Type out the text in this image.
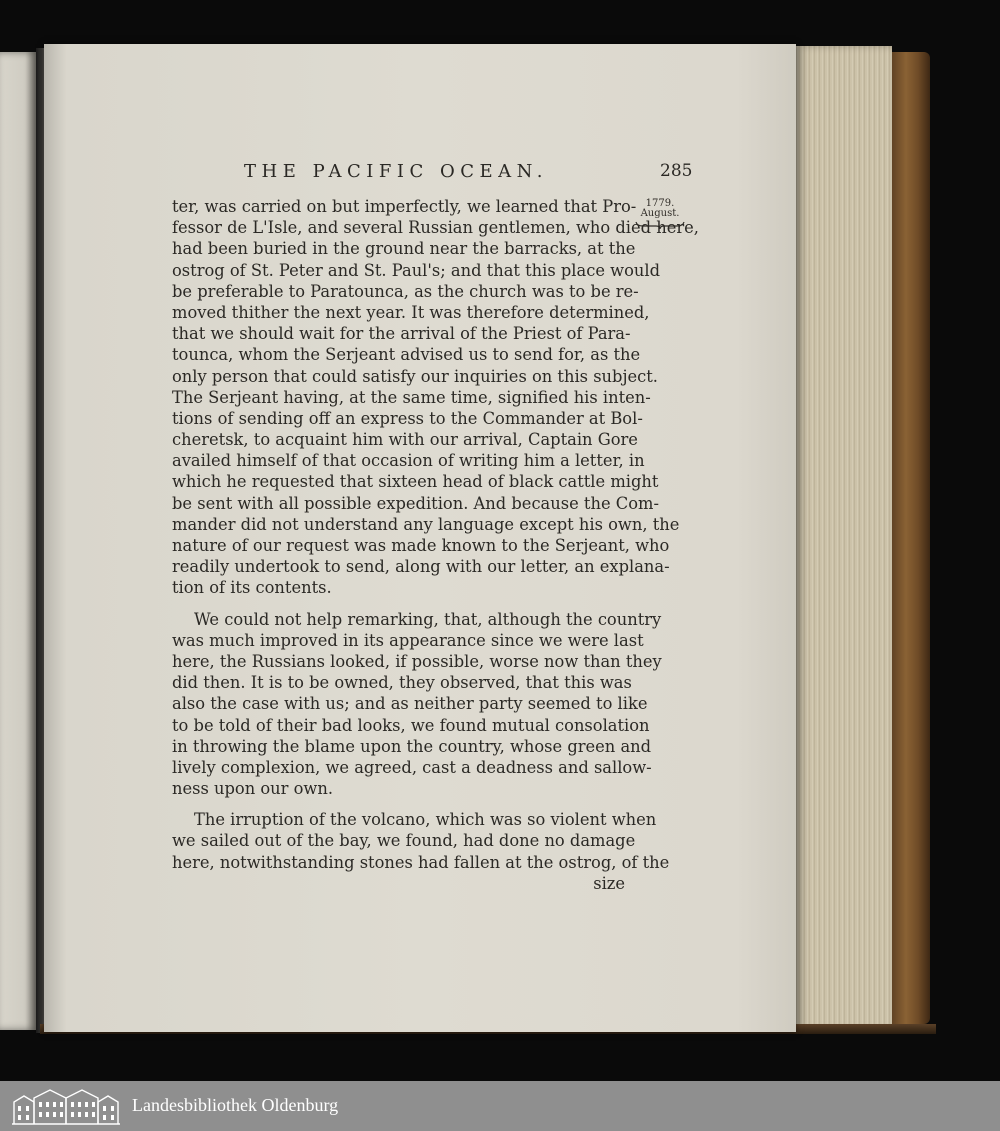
THE PACIFIC OCEAN.	285
1779.
August.
ter, was carried on but imperfectly, we learned that Pro-
fessor de L'Isle, and several Russian gentlemen, who died here,
had been buried in the ground near the barracks, at the
ostrog of St. Peter and St. Paul's; and that this place would
be preferable to Paratounca, as the church was to be re-
moved thither the next year. It was therefore determined,
that we should wait for the arrival of the Priest of Para-
tounca, whom the Serjeant advised us to send for, as the
only person that could satisfy our inquiries on this subject.
The Serjeant having, at the same time, signified his inten-
tions of sending off an express to the Commander at Bol-
cheretsk, to acquaint him with our arrival, Captain Gore
availed himself of that occasion of writing him a letter, in
which he requested that sixteen head of black cattle might
be sent with all possible expedition. And because the Com-
mander did not understand any language except his own, the
nature of our request was made known to the Serjeant, who
readily undertook to send, along with our letter, an explana-
tion of its contents.
We could not help remarking, that, although the country
was much improved in its appearance since we were last
here, the Russians looked, if possible, worse now than they
did then. It is to be owned, they observed, that this was
also the case with us; and as neither party seemed to like
to be told of their bad looks, we found mutual consolation
in throwing the blame upon the country, whose green and
lively complexion, we agreed, cast a deadness and sallow-
ness upon our own.
The irruption of the volcano, which was so violent when
we sailed out of the bay, we found, had done no damage
here, notwithstanding stones had fallen at the ostrog, of the
size
Landesbibliothek Oldenburg
